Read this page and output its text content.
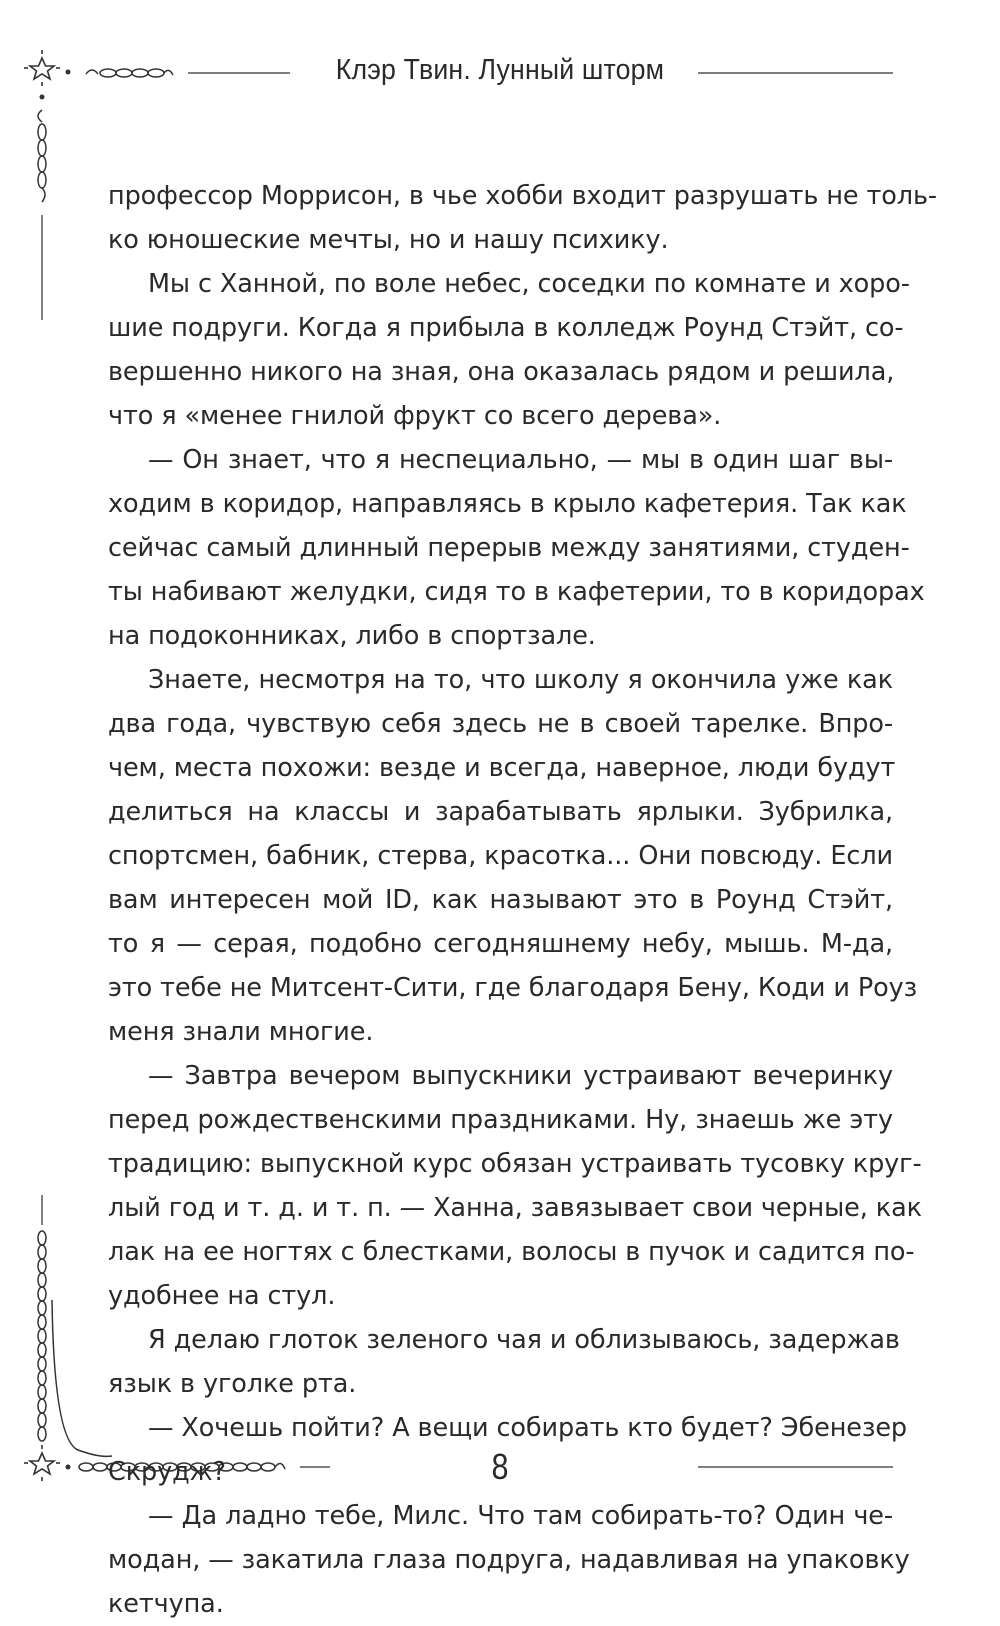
Клэр Твин. Лунный шторм
профессор Моррисон, в чье хобби входит разрушать не толь-
ко юношеские мечты, но и нашу психику.
Мы с Ханной, по воле небес, соседки по комнате и хоро-
шие подруги. Когда я прибыла в колледж Роунд Стэйт, со-
вершенно никого на зная, она оказалась рядом и решила,
что я «менее гнилой фрукт со всего дерева».
— Он знает, что я неспециально, — мы в один шаг вы-
ходим в коридор, направляясь в крыло кафетерия. Так как
сейчас самый длинный перерыв между занятиями, студен-
ты набивают желудки, сидя то в кафетерии, то в коридорах
на подоконниках, либо в спортзале.
Знаете, несмотря на то, что школу я окончила уже как
два года, чувствую себя здесь не в своей тарелке. Впро-
чем, места похожи: везде и всегда, наверное, люди будут
делиться на классы и зарабатывать ярлыки. Зубрилка,
спортсмен, бабник, стерва, красотка... Они повсюду. Если
вам интересен мой ID, как называют это в Роунд Стэйт,
то я — серая, подобно сегодняшнему небу, мышь. М-да,
это тебе не Митсент-Сити, где благодаря Бену, Коди и Роуз
меня знали многие.
— Завтра вечером выпускники устраивают вечеринку
перед рождественскими праздниками. Ну, знаешь же эту
традицию: выпускной курс обязан устраивать тусовку круг-
лый год и т. д. и т. п. — Ханна, завязывает свои черные, как
лак на ее ногтях с блестками, волосы в пучок и садится по-
удобнее на стул.
Я делаю глоток зеленого чая и облизываюсь, задержав
язык в уголке рта.
— Хочешь пойти? А вещи собирать кто будет? Эбенезер
Скрудж?
— Да ладно тебе, Милс. Что там собирать-то? Один че-
модан, — закатила глаза подруга, надавливая на упаковку
кетчупа.
8
